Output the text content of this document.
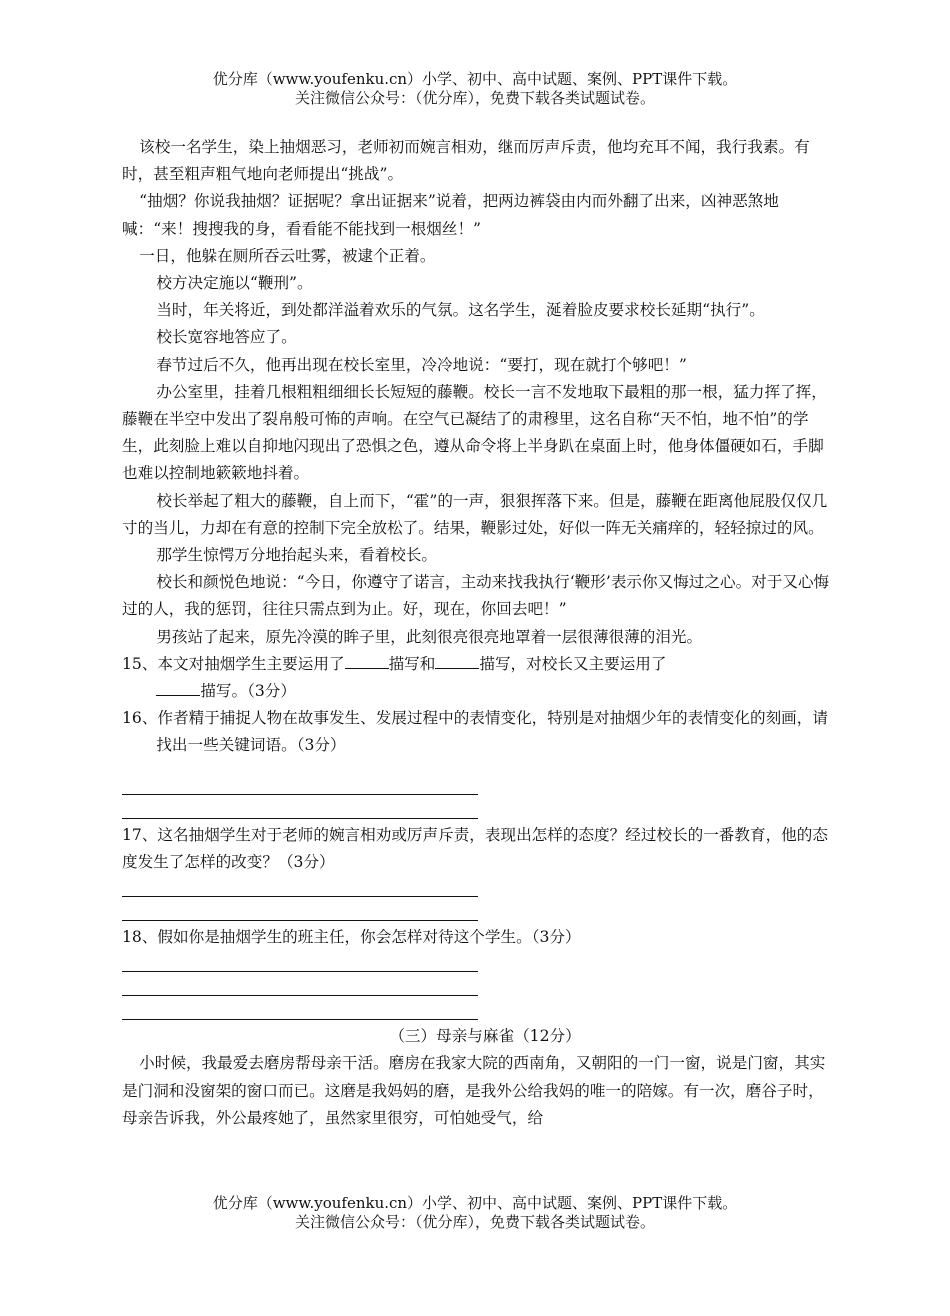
优分库（www.youfenku.cn）小学、初中、高中试题、案例、PPT课件下载。
关注微信公众号：（优分库），免费下载各类试题试卷。

该校一名学生，染上抽烟恶习，老师初而婉言相劝，继而厉声斥责，他均充耳不闻，我行我素。有时，甚至粗声粗气地向老师提出“挑战”。

“抽烟？你说我抽烟？证据呢？拿出证据来”说着，把两边裤袋由内而外翻了出来，凶神恶煞地喊：“来！搜搜我的身，看看能不能找到一根烟丝！”

一日，他躲在厕所吞云吐雾，被逮个正着。

校方决定施以“鞭刑”。

当时，年关将近，到处都洋溢着欢乐的气氛。这名学生，涎着脸皮要求校长延期“执行”。

校长宽容地答应了。

春节过后不久，他再出现在校长室里，冷冷地说：“要打，现在就打个够吧！”

办公室里，挂着几根粗粗细细长长短短的藤鞭。校长一言不发地取下最粗的那一根，猛力挥了挥，藤鞭在半空中发出了裂帛般可怖的声响。在空气已凝结了的肃穆里，这名自称“天不怕，地不怕”的学生，此刻脸上难以自抑地闪现出了恐惧之色，遵从命令将上半身趴在桌面上时，他身体僵硬如石，手脚也难以控制地簌簌地抖着。

校长举起了粗大的藤鞭，自上而下，“霍”的一声，狠狠挥落下来。但是，藤鞭在距离他屁股仅仅几寸的当儿，力却在有意的控制下完全放松了。结果，鞭影过处，好似一阵无关痛痒的，轻轻掠过的风。

那学生惊愕万分地抬起头来，看着校长。

校长和颜悦色地说：“今日，你遵守了诺言，主动来找我执行‘鞭形’表示你又悔过之心。对于又心悔过的人，我的惩罚，往往只需点到为止。好，现在，你回去吧！”

男孩站了起来，原先冷漠的眸子里，此刻很亮很亮地罩着一层很薄很薄的泪光。

15、本文对抽烟学生主要运用了	描写和	描写，对校长又主要运用了
描写。（3分）

16、作者精于捕捉人物在故事发生、发展过程中的表情变化，特别是对抽烟少年的表情变化的刻画，请找出一些关键词语。（3分）

17、这名抽烟学生对于老师的婉言相劝或厉声斥责，表现出怎样的态度？经过校长的一番教育，他的态度发生了怎样的改变？（3分）

18、假如你是抽烟学生的班主任，你会怎样对待这个学生。（3分）

（三）母亲与麻雀（12分）

小时候，我最爱去磨房帮母亲干活。磨房在我家大院的西南角，又朝阳的一门一窗，说是门窗，其实是门洞和没窗架的窗口而已。这磨是我妈妈的磨，是我外公给我妈的唯一的陪嫁。有一次，磨谷子时，母亲告诉我，外公最疼她了，虽然家里很穷，可怕她受气，给

优分库（www.youfenku.cn）小学、初中、高中试题、案例、PPT课件下载。
关注微信公众号：（优分库），免费下载各类试题试卷。
